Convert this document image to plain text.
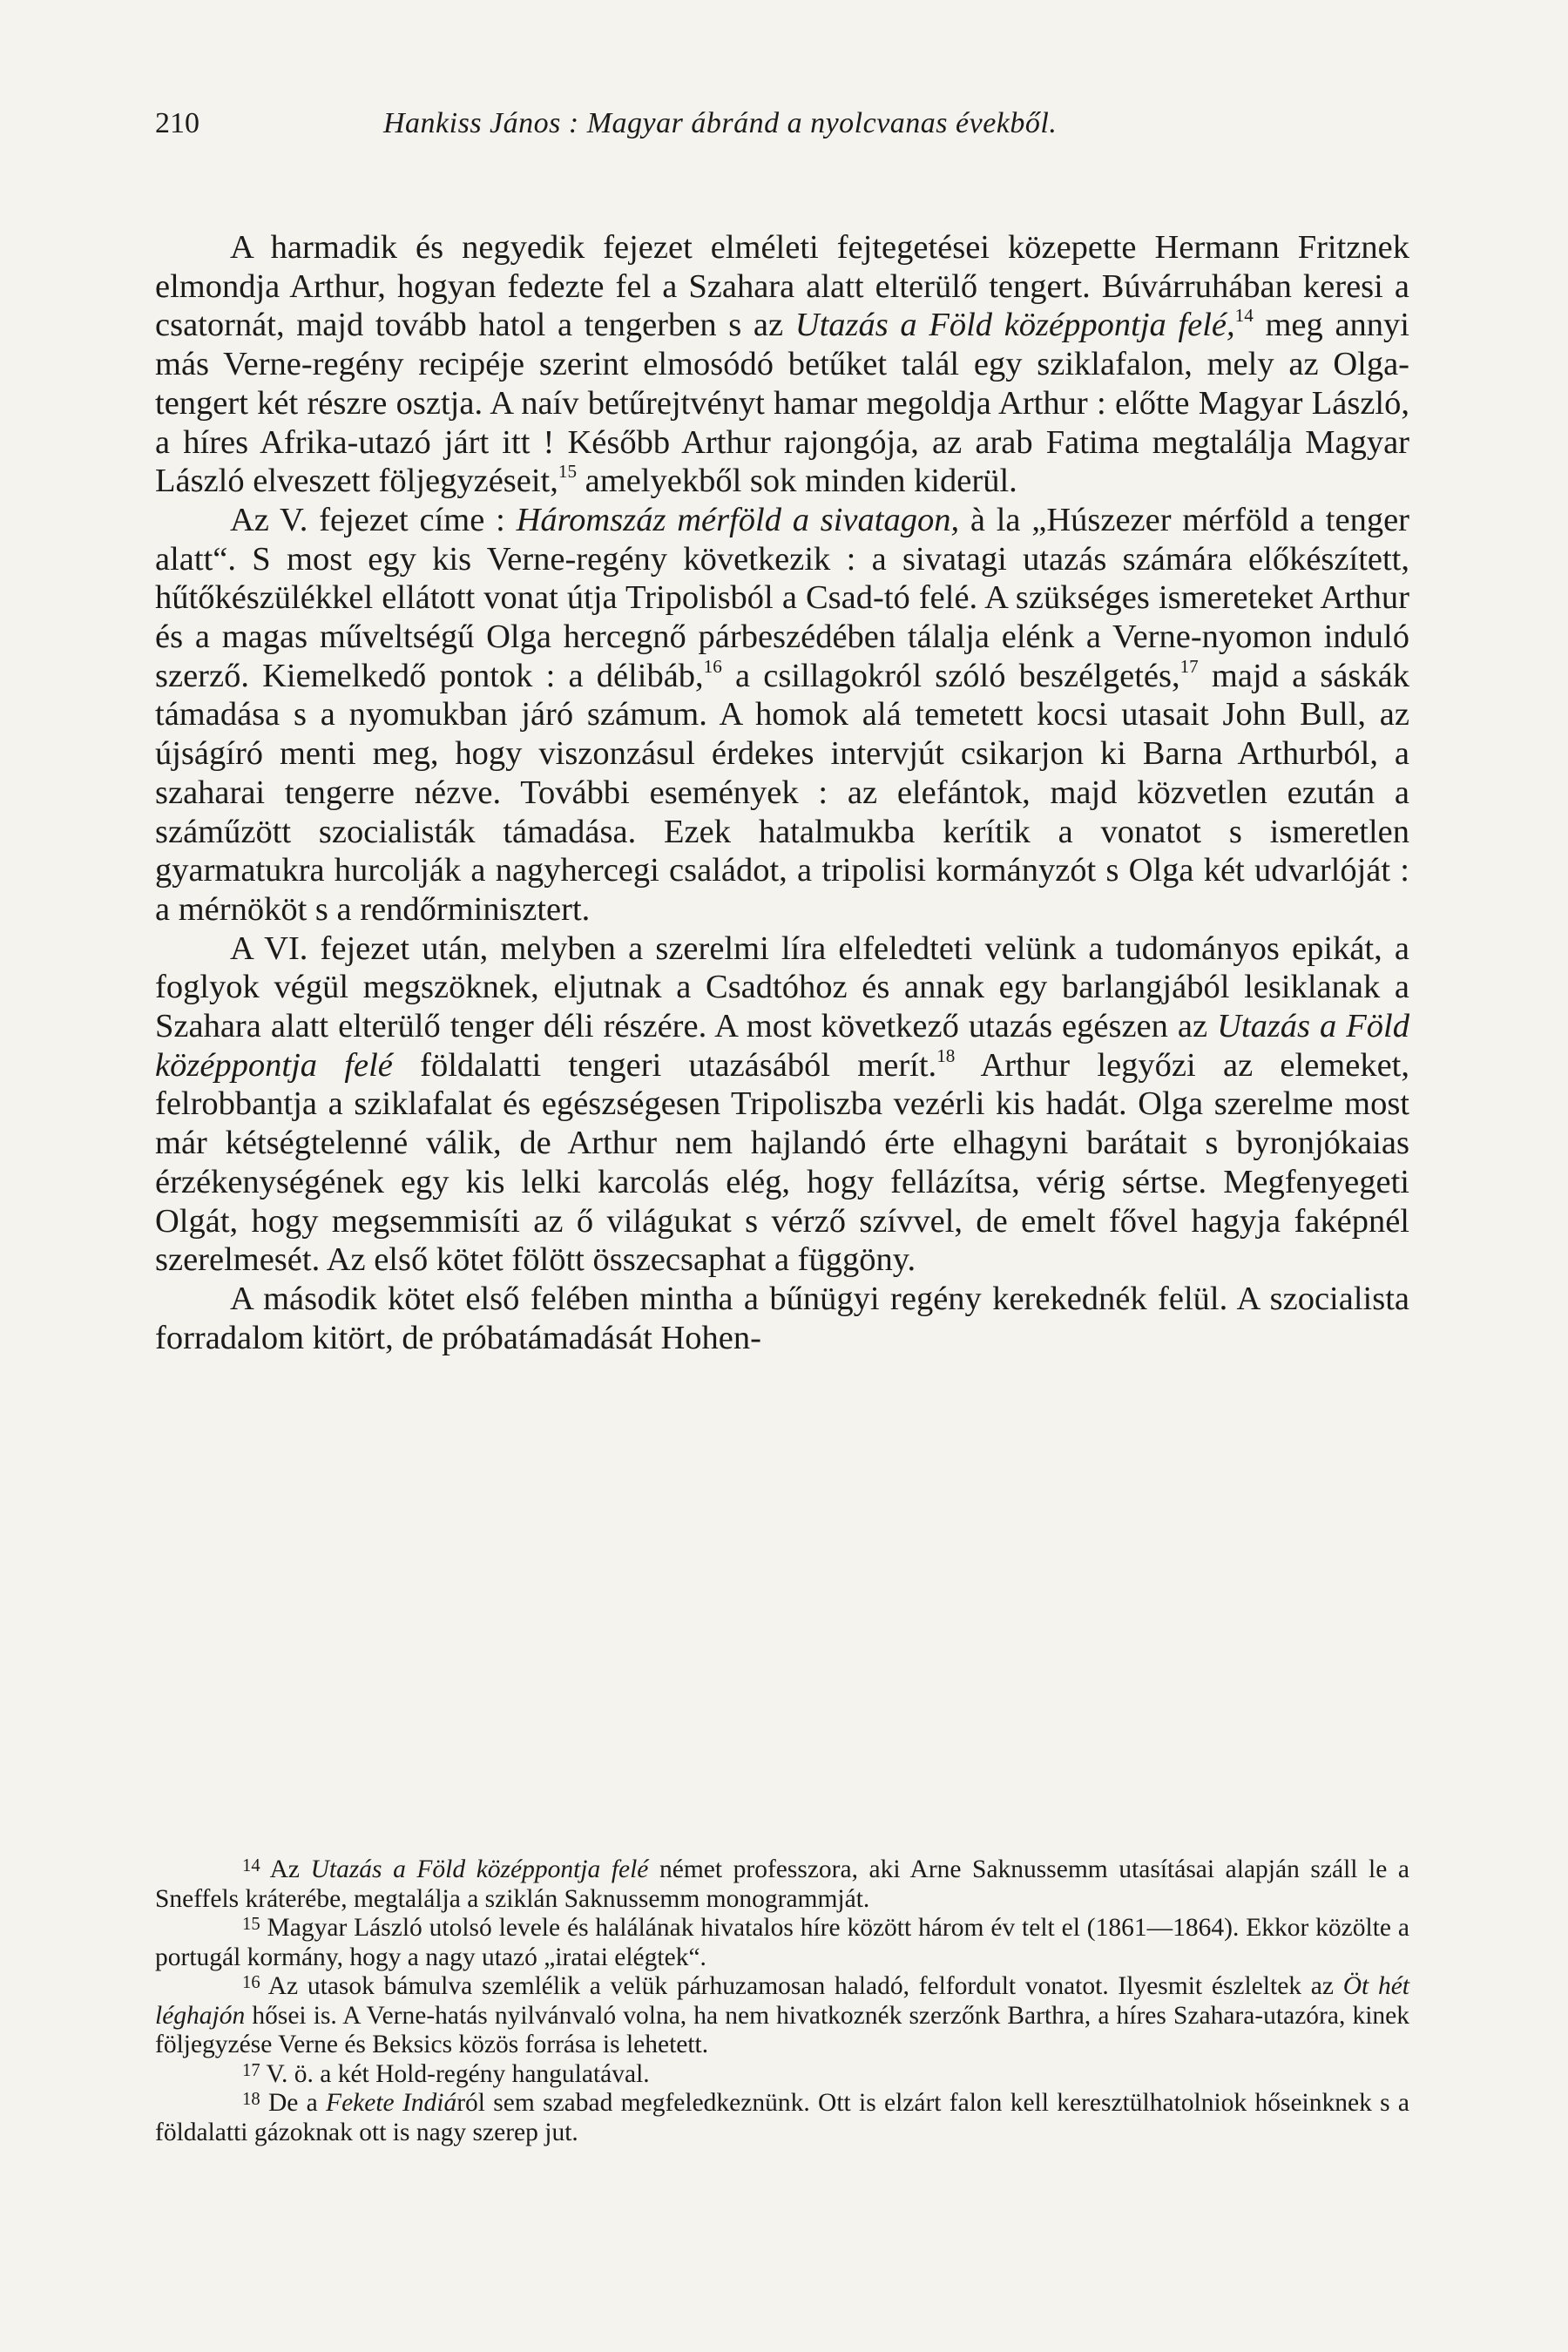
210	Hankiss János : Magyar ábránd a nyolcvanas évekből.

A harmadik és negyedik fejezet elméleti fejtegetései közepette Hermann Fritznek elmondja Arthur, hogyan fedezte fel a Szahara alatt elterülő tengert. Búvárruhában keresi a csatornát, majd tovább hatol a tengerben s az Utazás a Föld középpontja felé,$^{14}$ meg annyi más Verne-regény recipéje szerint elmosódó betűket talál egy sziklafalon, mely az Olga-tengert két részre osztja. A naív betűrejtvényt hamar megoldja Arthur : előtte Magyar László, a híres Afrika-utazó járt itt ! Később Arthur rajongója, az arab Fatima megtalálja Magyar László elveszett följegyzéseit,$^{15}$ amelyekből sok minden kiderül.

Az V. fejezet címe : Háromszáz mérföld a sivatagon, à la „Húszezer mérföld a tenger alatt“. S most egy kis Verne-regény következik : a sivatagi utazás számára előkészített, hűtőkészülékkel ellátott vonat útja Tripolisból a Csad-tó felé. A szükséges ismereteket Arthur és a magas műveltségű Olga hercegnő párbeszédében tálalja elénk a Verne-nyomon induló szerző. Kiemelkedő pontok : a délibáb,$^{16}$ a csillagokról szóló beszélgetés,$^{17}$ majd a sáskák támadása s a nyomukban járó számum. A homok alá temetett kocsi utasait John Bull, az újságíró menti meg, hogy viszonzásul érdekes intervjút csikarjon ki Barna Arthurból, a szaharai tengerre nézve. További események : az elefántok, majd közvetlen ezután a száműzött szocialisták támadása. Ezek hatalmukba kerítik a vonatot s ismeretlen gyarmatukra hurcolják a nagyhercegi családot, a tripolisi kormányzót s Olga két udvarlóját : a mérnököt s a rendőrminisztert.

A VI. fejezet után, melyben a szerelmi líra elfeledteti velünk a tudományos epikát, a foglyok végül megszöknek, eljutnak a Csadtóhoz és annak egy barlangjából lesiklanak a Szahara alatt elterülő tenger déli részére. A most következő utazás egészen az Utazás a Föld középpontja felé földalatti tengeri utazásából merít.$^{18}$ Arthur legyőzi az elemeket, felrobbantja a sziklafalat és egészségesen Tripoliszba vezérli kis hadát. Olga szerelme most már kétségtelenné válik, de Arthur nem hajlandó érte elhagyni barátait s byronjókaias érzékenységének egy kis lelki karcolás elég, hogy fellázítsa, vérig sértse. Megfenyegeti Olgát, hogy megsemmisíti az ő világukat s vérző szívvel, de emelt fővel hagyja faképnél szerelmesét. Az első kötet fölött összecsaphat a függöny.

A második kötet első felében mintha a bűnügyi regény kerekednék felül. A szocialista forradalom kitört, de próbatámadását Hohen-

$^{14}$ Az Utazás a Föld középpontja felé német professzora, aki Arne Saknussemm utasításai alapján száll le a Sneffels kráterébe, megtalálja a sziklán Saknussemm monogrammját.

$^{15}$ Magyar László utolsó levele és halálának hivatalos híre között három év telt el (1861—1864). Ekkor közölte a portugál kormány, hogy a nagy utazó „iratai elégtek“.

$^{16}$ Az utasok bámulva szemlélik a velük párhuzamosan haladó, felfordult vonatot. Ilyesmit észleltek az Öt hét léghajón hősei is. A Verne-hatás nyilvánvaló volna, ha nem hivatkoznék szerzőnk Barthra, a híres Szahara-utazóra, kinek följegyzése Verne és Beksics közös forrása is lehetett.

$^{17}$ V. ö. a két Hold-regény hangulatával.

$^{18}$ De a Fekete Indiáról sem szabad megfeledkeznünk. Ott is elzárt falon kell keresztülhatolniok hőseinknek s a földalatti gázoknak ott is nagy szerep jut.
